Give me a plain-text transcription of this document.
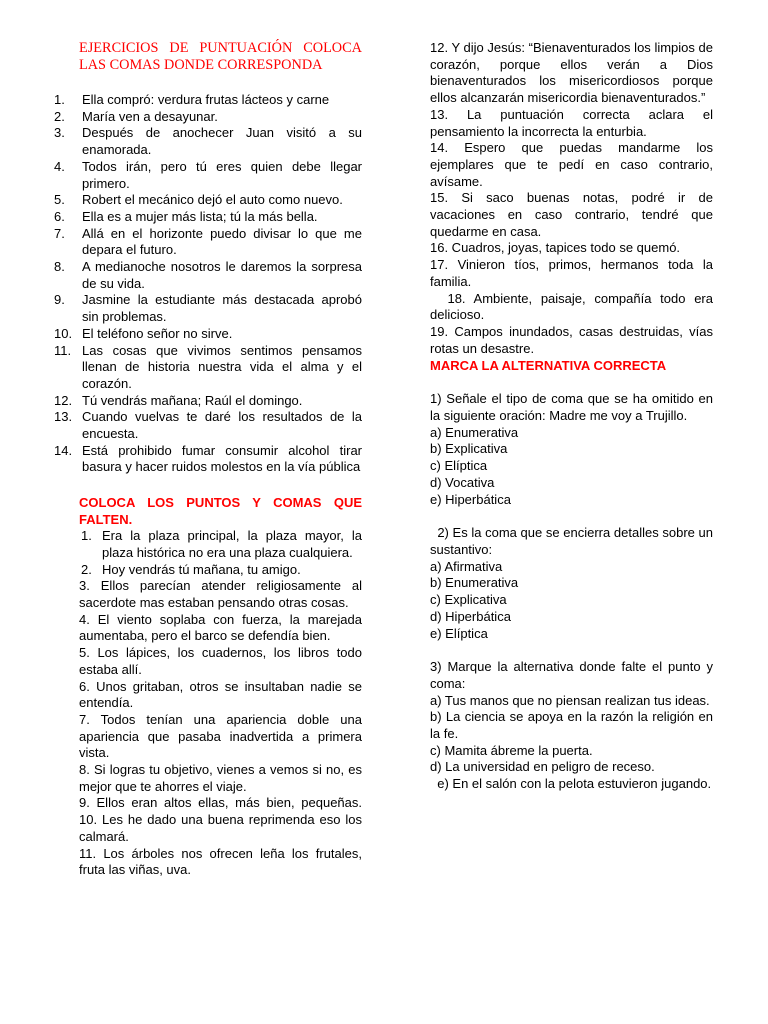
EJERCICIOS DE PUNTUACIÓN COLOCA
LAS COMAS DONDE CORRESPONDA

1. Ella compró: verdura frutas lácteos y carne
2. María ven a desayunar.
3. Después de anochecer Juan visitó a su enamorada.
4. Todos irán, pero tú eres quien debe llegar primero.
5. Robert el mecánico dejó el auto como nuevo.
6. Ella es a mujer más lista; tú la más bella.
7. Allá en el horizonte puedo divisar lo que me depara el futuro.
8. A medianoche nosotros le daremos la sorpresa de su vida.
9. Jasmine la estudiante más destacada aprobó sin problemas.
10. El teléfono señor no sirve.
11. Las cosas que vivimos sentimos pensamos llenan de historia nuestra vida el alma y el corazón.
12. Tú vendrás mañana; Raúl el domingo.
13. Cuando vuelvas te daré los resultados de la encuesta.
14. Está prohibido fumar consumir alcohol tirar basura y hacer ruidos molestos en la vía pública

COLOCA LOS PUNTOS Y COMAS QUE FALTEN.

1. Era la plaza principal, la plaza mayor, la plaza histórica no era una plaza cualquiera.
2. Hoy vendrás tú mañana, tu amigo.
3. Ellos parecían atender religiosamente al sacerdote mas estaban pensando otras cosas.
4. El viento soplaba con fuerza, la marejada aumentaba, pero el barco se defendía bien.
5. Los lápices, los cuadernos, los libros todo estaba allí.
6. Unos gritaban, otros se insultaban nadie se entendía.
7. Todos tenían una apariencia doble una apariencia que pasaba inadvertida a primera vista.
8. Si logras tu objetivo, vienes a vemos si no, es mejor que te ahorres el viaje.
9. Ellos eran altos ellas, más bien, pequeñas. 10. Les he dado una buena reprimenda eso los calmará.
11. Los árboles nos ofrecen leña los frutales, fruta las viñas, uva.

12. Y dijo Jesús: “Bienaventurados los limpios de corazón, porque ellos verán a Dios bienaventurados los misericordiosos porque ellos alcanzarán misericordia bienaventurados.”

13. La puntuación correcta aclara el pensamiento la incorrecta la enturbia.

14. Espero que puedas mandarme los ejemplares que te pedí en caso contrario, avísame.

15. Si saco buenas notas, podré ir de vacaciones en caso contrario, tendré que quedarme en casa.

16. Cuadros, joyas, tapices todo se quemó.

17. Vinieron tíos, primos, hermanos toda la familia.

18. Ambiente, paisaje, compañía todo era delicioso.

19. Campos inundados, casas destruidas, vías rotas un desastre.

MARCA LA ALTERNATIVA CORRECTA

1) Señale el tipo de coma que se ha omitido en la siguiente oración: Madre me voy a Trujillo.

a) Enumerativa

b) Explicativa

c) Elíptica

d) Vocativa

e) Hiperbática

2) Es la coma que se encierra detalles sobre un sustantivo:

a) Afirmativa

b) Enumerativa

c) Explicativa

d) Hiperbática

e) Elíptica

3) Marque la alternativa donde falte el punto y coma:

a) Tus manos que no piensan realizan tus ideas.

b) La ciencia se apoya en la razón la religión en la fe.

c) Mamita ábreme la puerta.

d) La universidad en peligro de receso.

e) En el salón con la pelota estuvieron jugando.
